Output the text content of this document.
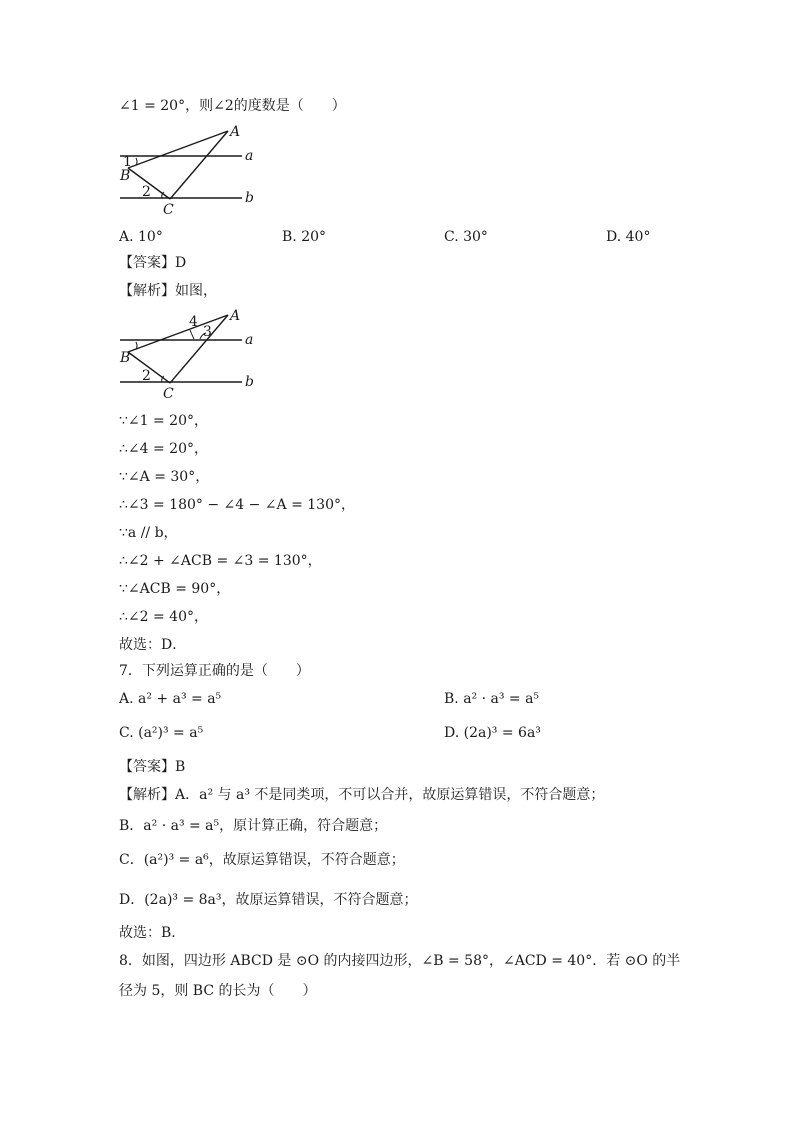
∠1 = 20°，则∠2的度数是（　　）
1
2
B
C
A
a
b
A. 10°	B. 20°	C. 30°	D. 40°
【答案】D
【解析】如图，
4
3
2
B
C
A
a
b
∵∠1 = 20°，
∴∠4 = 20°，
∵∠A = 30°，
∴∠3 = 180° − ∠4 − ∠A = 130°，
∵a // b，
∴∠2 + ∠ACB = ∠3 = 130°，
∵∠ACB = 90°，
∴∠2 = 40°，
故选：D．
7．下列运算正确的是（　　）
A. a² + a³ = a⁵	B. a² · a³ = a⁵
C. (a²)³ = a⁵	D. (2a)³ = 6a³
【答案】B
【解析】A．a² 与 a³ 不是同类项，不可以合并，故原运算错误，不符合题意；
B．a² · a³ = a⁵，原计算正确，符合题意；
C．(a²)³ = a⁶，故原运算错误，不符合题意；
D．(2a)³ = 8a³，故原运算错误，不符合题意；
故选：B．
8．如图，四边形 ABCD 是 ⊙O 的内接四边形，∠B = 58°，∠ACD = 40°．若 ⊙O 的半
径为 5，则 BC 的长为（　　）
